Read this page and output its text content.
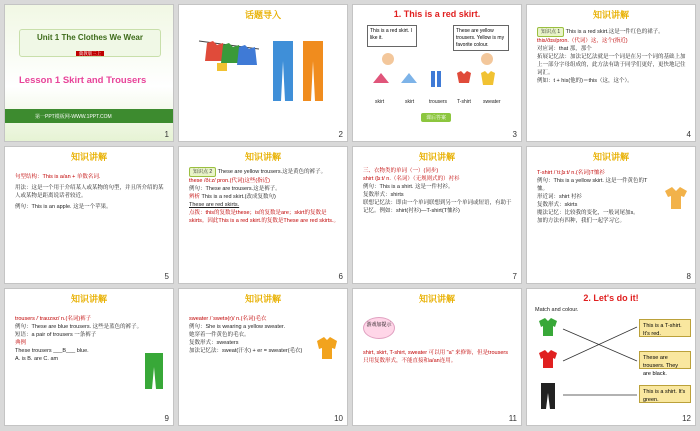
Unit 1 The Clothes We Wear
冀教版三上
Lesson 1 Skirt and Trousers
第一PPT模板网-WWW.1PPT.COM
1
话题导入
2
1. This is a red skirt.
This is a red skirt. I like it.
These are yellow trousers. Yellow is my favorite colour.
skirt	skirt	trousers T-shirt sweater
课后答案
3
知识讲解
知识点 1 This is a red skirt.这是一件红色的裙子。
this/ðɪs/pron.（代词）这，这个(指近)
对应词：that 那，那个
拓展记忆法：加法记忆法就是一个词是在另一个词的基础上加上一部分字母组成的，此方法有助于同学们更好，更快地记住词汇。
例如：t + his(他的)＝this（这，这个）。
4
知识讲解
句型结构：This is a/an + 单数名词.
用法：这是一个用于介绍某人或某物的句型，并且所介绍的某人或某物是距离说话者较近。
例句：This is an apple. 这是一个苹果。
5
知识讲解
知识点 2 These are yellow trousers.这是黄色的裤子。
these /ðiːz/ pron.(代词)这些(指近)
例句：These are trousers.这是裤子。
辨析 This is a red skirt.(改成复数句)
These are red skirts.
点拨：this的复数是these；is的复数是are；skirt的复数是skirts。因此This is a red skirt.的复数是These are red skirts.。
6
知识讲解
三、衣物类的单词（一）(同步)
shirt /ʃɜːt/ n.（名词）（无规则式的）衬衫
例句：This is a shirt. 这是一件衬衫。
复数形式：shirts
联想记忆法：即由一个单词联想到另一个单词或短语，有助于记忆。例如：shirt(衬衫)—T-shirt(T恤衫)
7
知识讲解
T-shirt /ˈtiːʃɜːt/ n.(名词)T恤衫
例句：This is a yellow skirt. 这是一件黄色的T恤。
形近词：shirt 衬衫
复数形式：skirts
魔法记忆：比较我的变化，一般词尾加s。
加的方法有四种，我们一起学习它。
8
知识讲解
trousers /ˈtraʊzəz/ n.(名词)裤子
例句：These are blue trousers. 这些是蓝色的裤子。
短语：a pair of trousers 一条裤子
典例
These trousers ___B___ blue.
A. is B. are C. am
9
知识讲解
sweater /ˈswetə(r)/ n.(名词)毛衣
例句：She is wearing a yellow sweater.
她穿着一件黄色的毛衣。
复数形式：sweaters
加法记忆法：sweat(汗水) + er = sweater(毛衣)
10
知识讲解
游戏加提示
shirt, skirt, T-shirt, sweater 可以用 "a" 来修饰，但是trousers只用复数形式，不能直接和a/an连用。
11
2. Let's do it!
Match and colour.
This is a T-shirt. It's red.
These are trousers. They are black.
This is a shirt. It's green.
12
